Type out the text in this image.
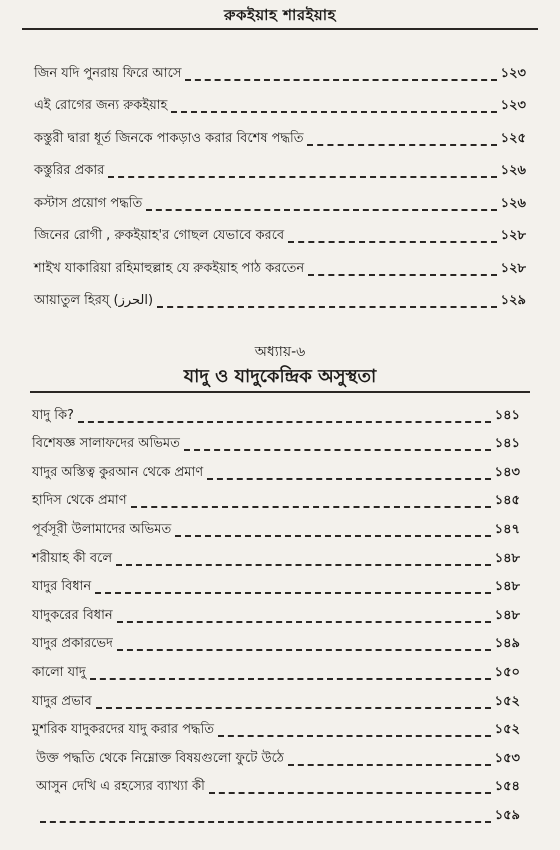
রুকইয়াহ শারইয়াহ
জিন যদি পুনরায় ফিরে আসে	১২৩
এই রোগের জন্য রুকইয়াহ	১২৩
কস্তুরী দ্বারা ধূর্ত জিনকে পাকড়াও করার বিশেষ পদ্ধতি	১২৫
কস্তুরির প্রকার	১২৬
কস্টাস প্রয়োগ পদ্ধতি	১২৬
জিনের রোগী , রুকইয়াহ'র গোছল যেভাবে করবে	১২৮
শাইখ যাকারিয়া রহিমাহুল্লাহ যে রুকইয়াহ পাঠ করতেন	১২৮
আয়াতুল হিরয্‌ (الحرز)	১২৯
অধ্যায়-৬
যাদু ও যাদুকেন্দ্রিক অসুস্থতা
যাদু কি?	১৪১
বিশেষজ্ঞ সালাফদের অভিমত	১৪১
যাদুর অস্তিত্ব কুরআন থেকে প্রমাণ	১৪৩
হাদিস থেকে প্রমাণ	১৪৫
পূর্বসূরী উলামাদের অভিমত	১৪৭
শরীয়াহ কী বলে	১৪৮
যাদুর বিধান	১৪৮
যাদুকরের বিধান	১৪৮
যাদুর প্রকারভেদ	১৪৯
কালো যাদু	১৫০
যাদুর প্রভাব	১৫২
মুশরিক যাদুকরদের যাদু করার পদ্ধতি	১৫২
উক্ত পদ্ধতি থেকে নিম্নোক্ত বিষয়গুলো ফুটে উঠে	১৫৩
আসুন দেখি এ রহস্যের ব্যাখ্যা কী	১৫৪
১৫৯
